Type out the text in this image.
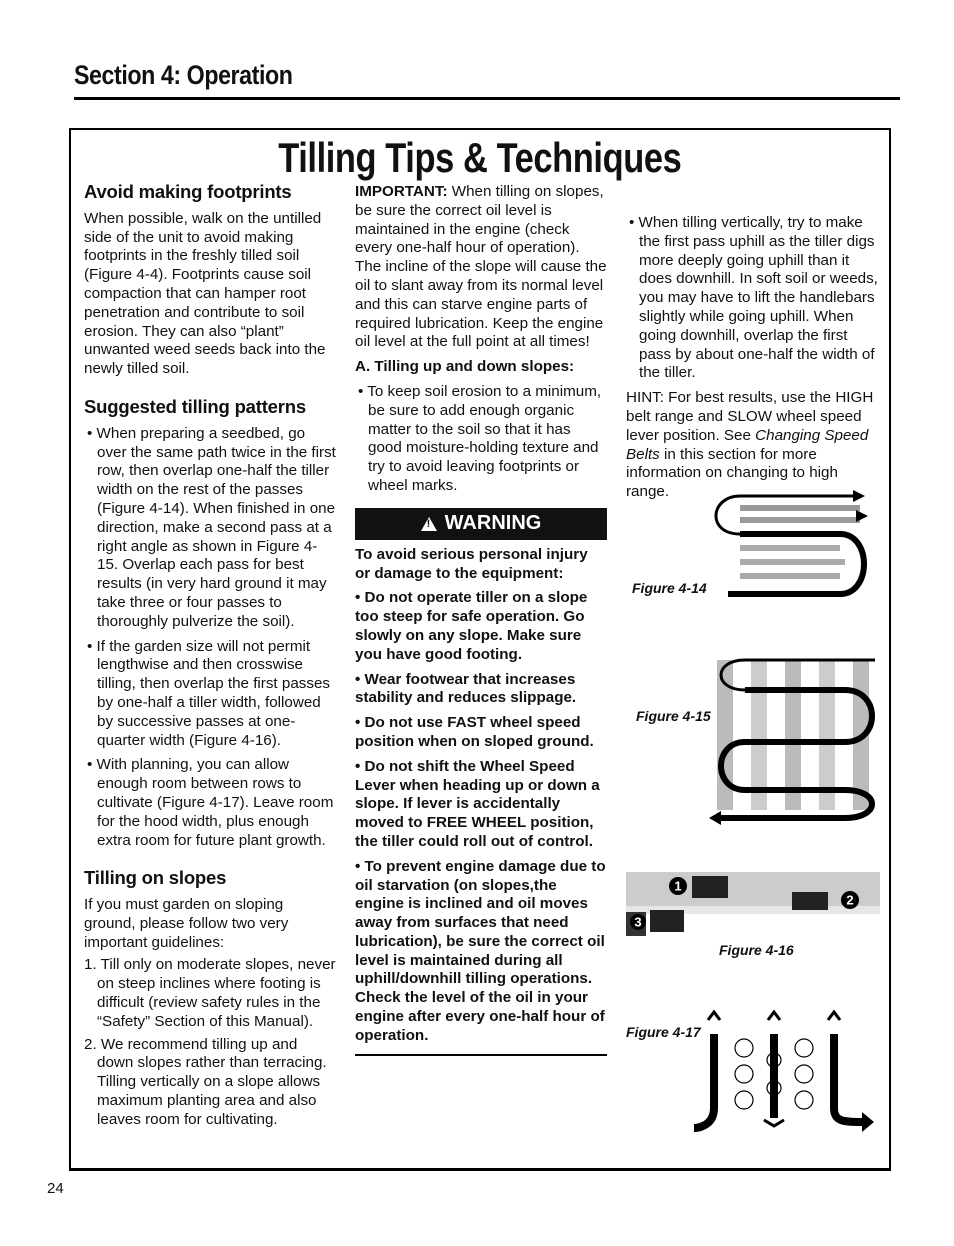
Section 4: Operation
Tilling Tips & Techniques
Avoid making footprints

When possible, walk on the untilled side of the unit to avoid making footprints in the freshly tilled soil (Figure 4-4). Footprints cause soil compaction that can hamper root penetration and contribute to soil erosion. They can also “plant” unwanted weed seeds back into the newly tilled soil.

Suggested tilling patterns

• When preparing a seedbed, go over the same path twice in the first row, then overlap one-half the tiller width on the rest of the passes (Figure 4-14). When finished in one direction, make a second pass at a right angle as shown in Figure 4-15. Overlap each pass for best results (in very hard ground it may take three or four passes to thoroughly pulverize the soil).

• If the garden size will not permit lengthwise and then crosswise tilling, then overlap the first passes by one-half a tiller width, followed by successive passes at one-quarter width (Figure 4-16).

• With planning, you can allow enough room between rows to cultivate (Figure 4-17). Leave room for the hood width, plus enough extra room for future plant growth.

Tilling on slopes

If you must garden on sloping ground, please follow two very important guidelines:

1. Till only on moderate slopes, never on steep inclines where footing is difficult (review safety rules in the “Safety” Section of this Manual).

2. We recommend tilling up and down slopes rather than terracing. Tilling vertically on a slope allows maximum planting area and also leaves room for cultivating.

IMPORTANT: When tilling on slopes, be sure the correct oil level is maintained in the engine (check every one-half hour of operation). The incline of the slope will cause the oil to slant away from its normal level and this can starve engine parts of required lubrication. Keep the engine oil level at the full point at all times!

A. Tilling up and down slopes:

• To keep soil erosion to a minimum, be sure to add enough organic matter to the soil so that it has good moisture-holding texture and try to avoid leaving footprints or wheel marks.

! WARNING

To avoid serious personal injury or damage to the equipment:

• Do not operate tiller on a slope too steep for safe operation. Go slowly on any slope. Make sure you have good footing.

• Wear footwear that increases stability and reduces slippage.

• Do not use FAST wheel speed position when on sloped ground.

• Do not shift the Wheel Speed Lever when heading up or down a slope. If lever is accidentally moved to FREE WHEEL position, the tiller could roll out of control.

• To prevent engine damage due to oil starvation (on slopes,the engine is inclined and oil moves away from surfaces that need lubrication), be sure the correct oil level is maintained during all uphill/downhill tilling operations. Check the level of the oil in your engine after every one-half hour of operation.

• When tilling vertically, try to make the first pass uphill as the tiller digs more deeply going uphill than it does downhill. In soft soil or weeds, you may have to lift the handlebars slightly while going uphill. When going downhill, overlap the first pass by about one-half the width of the tiller.

HINT: For best results, use the HIGH belt range and SLOW wheel speed lever position. See Changing Speed Belts in this section for more information on changing to high range.

Figure 4-14
Figure 4-15
1
2
3
Figure 4-16
Figure 4-17
24
